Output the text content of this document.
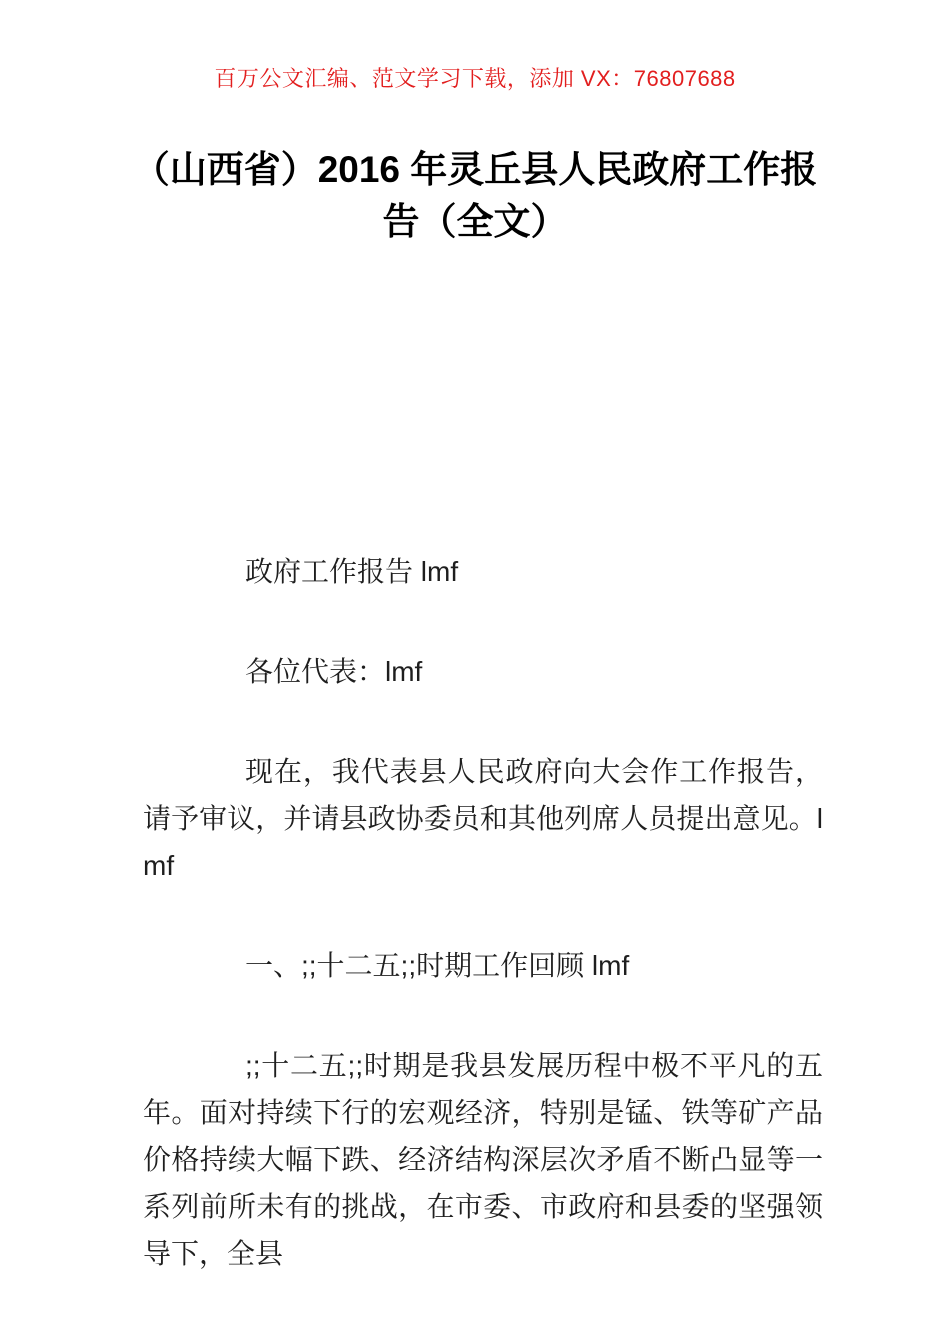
百万公文汇编、范文学习下载，添加 VX：76807688
（山西省）2016 年灵丘县人民政府工作报
告（全文）

政府工作报告 lmf

各位代表：lmf

现在，我代表县人民政府向大会作工作报告，请予审议，并请县政协委员和其他列席人员提出意见。lmf

一、;;十二五;;时期工作回顾 lmf

;;十二五;;时期是我县发展历程中极不平凡的五年。面对持续下行的宏观经济，特别是锰、铁等矿产品价格持续大幅下跌、经济结构深层次矛盾不断凸显等一系列前所未有的挑战，在市委、市政府和县委的坚强领导下，全县
